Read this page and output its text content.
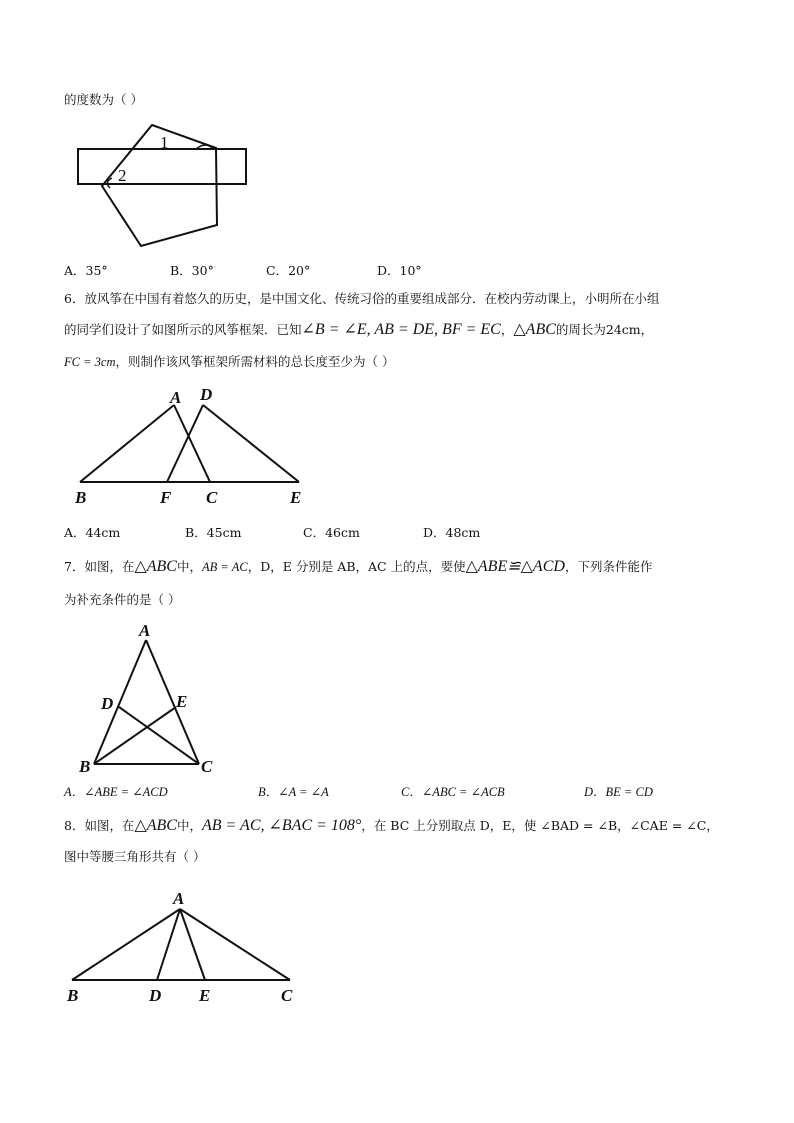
的度数为（ ）
1
2
A．35°	B．30°	C．20°	D．10°
6．放风筝在中国有着悠久的历史，是中国文化、传统习俗的重要组成部分．在校内劳动课上，小明所在小组
的同学们设计了如图所示的风筝框架．已知∠B = ∠E, AB = DE, BF = EC，△ABC的周长为24cm，
FC = 3cm，则制作该风筝框架所需材料的总长度至少为（ ）
A D
B	F C	E
A．44cm	B．45cm	C．46cm	D．48cm
7．如图，在△ABC中，AB = AC，D，E 分别是 AB，AC 上的点，要使△ABE≌△ACD，下列条件能作
为补充条件的是（ ）
A
D	E
B	C
A．∠ABE = ∠ACD	B．∠A = ∠A	C．∠ABC = ∠ACB	D．BE = CD
8．如图，在△ABC中，AB = AC, ∠BAC = 108°，在 BC 上分别取点 D，E，使 ∠BAD = ∠B，∠CAE = ∠C，
图中等腰三角形共有（ ）
A
B	D E	C
